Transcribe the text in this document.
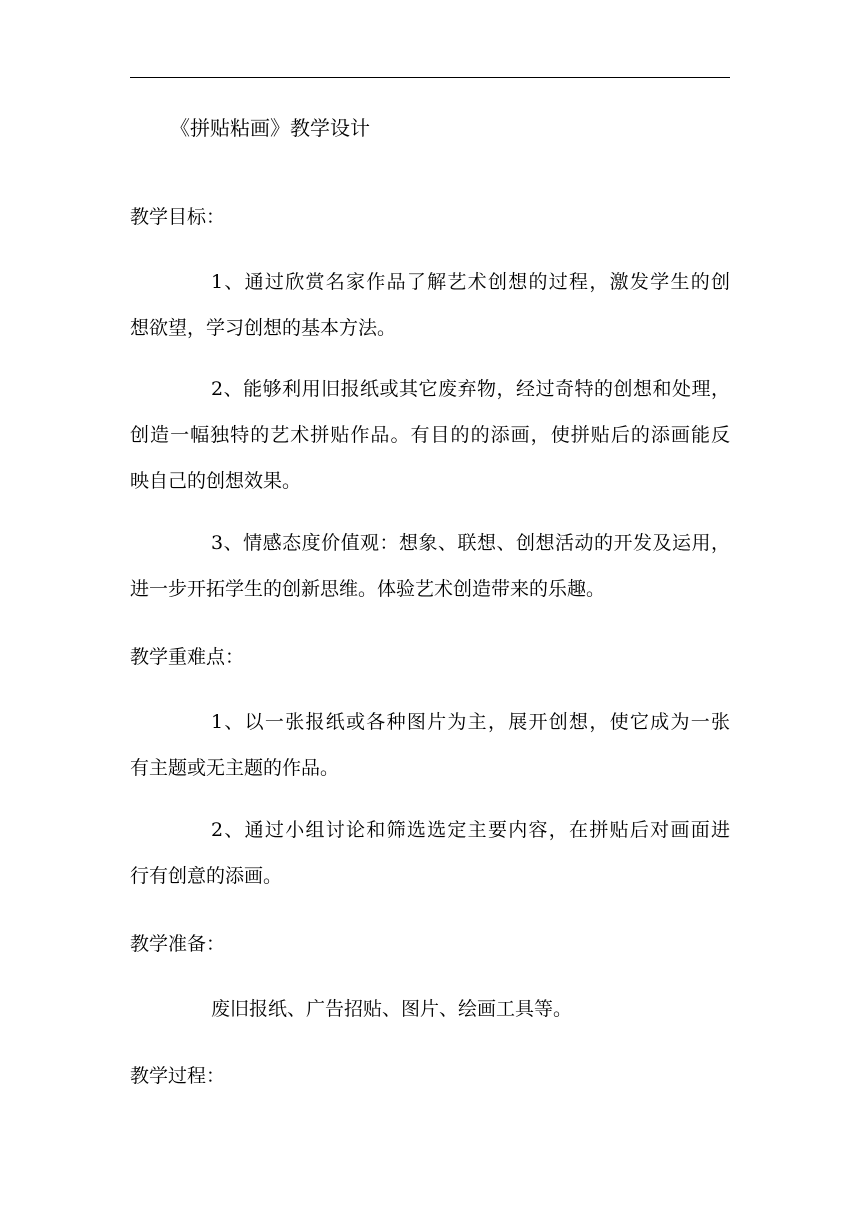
《拼贴粘画》教学设计
教学目标：
1、通过欣赏名家作品了解艺术创想的过程，激发学生的创
想欲望，学习创想的基本方法。
2、能够利用旧报纸或其它废弃物，经过奇特的创想和处理，
创造一幅独特的艺术拼贴作品。有目的的添画，使拼贴后的添画能反
映自己的创想效果。
3、情感态度价值观：想象、联想、创想活动的开发及运用，
进一步开拓学生的创新思维。体验艺术创造带来的乐趣。
教学重难点：
1、以一张报纸或各种图片为主，展开创想，使它成为一张
有主题或无主题的作品。
2、通过小组讨论和筛选选定主要内容，在拼贴后对画面进
行有创意的添画。
教学准备：
废旧报纸、广告招贴、图片、绘画工具等。
教学过程：
